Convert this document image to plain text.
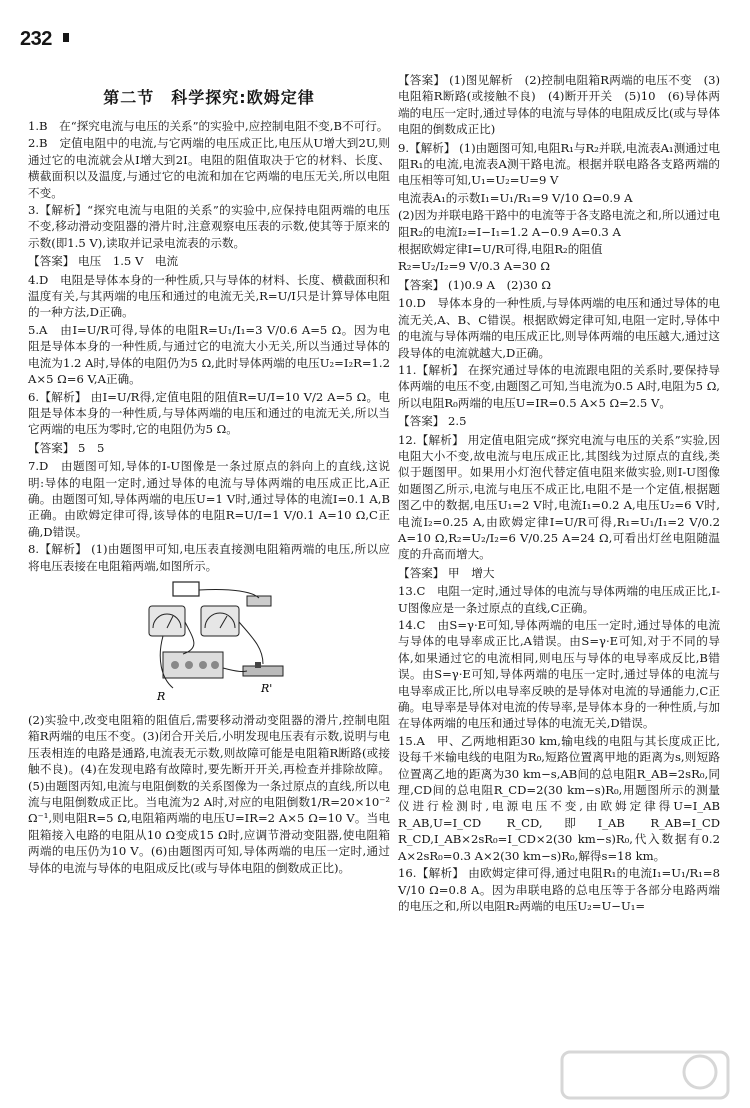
232
第二节　科学探究:欧姆定律

1.B　在“探究电流与电压的关系”的实验中,应控制电阻不变,B不可行。

2.B　定值电阻中的电流,与它两端的电压成正比,电压从U增大到2U,则通过它的电流就会从I增大到2I。电阻的阻值取决于它的材料、长度、横截面积以及温度,与通过它的电流和加在它两端的电压无关,所以电阻不变。

3.【解析】“探究电流与电阻的关系”的实验中,应保持电阻两端的电压不变,移动滑动变阻器的滑片时,注意观察电压表的示数,使其等于原来的示数(即1.5 V),读取并记录电流表的示数。

【答案】 电压　1.5 V　电流

4.D　电阻是导体本身的一种性质,只与导体的材料、长度、横截面积和温度有关,与其两端的电压和通过的电流无关,R=U/I只是计算导体电阻的一种方法,D正确。

5.A　由I=U/R可得,导体的电阻R=U₁/I₁=3 V/0.6 A=5 Ω。因为电阻是导体本身的一种性质,与通过它的电流大小无关,所以当通过导体的电流为1.2 A时,导体的电阻仍为5 Ω,此时导体两端的电压U₂=I₂R=1.2 A×5 Ω=6 V,A正确。

6.【解析】 由I=U/R得,定值电阻的阻值R=U/I=10 V/2 A=5 Ω。电阻是导体本身的一种性质,与导体两端的电压和通过的电流无关,所以当它两端的电压为零时,它的电阻仍为5 Ω。

【答案】 5　5

7.D　由题图可知,导体的I-U图像是一条过原点的斜向上的直线,这说明:导体的电阻一定时,通过导体的电流与导体两端的电压成正比,A正确。由题图可知,导体两端的电压U=1 V时,通过导体的电流I=0.1 A,B正确。由欧姆定律可得,该导体的电阻R=U/I=1 V/0.1 A=10 Ω,C正确,D错误。

8.【解析】 (1)由题图甲可知,电压表直接测电阻箱两端的电压,所以应将电压表接在电阻箱两端,如图所示。

R
R'

(2)实验中,改变电阻箱的阻值后,需要移动滑动变阻器的滑片,控制电阻箱R两端的电压不变。(3)闭合开关后,小明发现电压表有示数,说明与电压表相连的电路是通路,电流表无示数,则故障可能是电阻箱R断路(或接触不良)。(4)在发现电路有故障时,要先断开开关,再检查并排除故障。(5)由题图丙知,电流与电阻倒数的关系图像为一条过原点的直线,所以电流与电阻倒数成正比。当电流为2 A时,对应的电阻倒数1/R=20×10⁻² Ω⁻¹,则电阻R=5 Ω,电阻箱两端的电压U=IR=2 A×5 Ω=10 V。当电阻箱接入电路的电阻从10 Ω变成15 Ω时,应调节滑动变阻器,使电阻箱两端的电压仍为10 V。(6)由题图丙可知,导体两端的电压一定时,通过导体的电流与导体的电阻成反比(或与导体电阻的倒数成正比)。

【答案】 (1)图见解析　(2)控制电阻箱R两端的电压不变　(3)电阻箱R断路(或接触不良)　(4)断开开关　(5)10　(6)导体两端的电压一定时,通过导体的电流与导体的电阻成反比(或与导体电阻的倒数成正比)

9.【解析】 (1)由题图可知,电阻R₁与R₂并联,电流表A₁测通过电阻R₁的电流,电流表A测干路电流。根据并联电路各支路两端的电压相等可知,U₁=U₂=U=9 V

电流表A₁的示数I₁=U₁/R₁=9 V/10 Ω=0.9 A

(2)因为并联电路干路中的电流等于各支路电流之和,所以通过电阻R₂的电流I₂=I−I₁=1.2 A−0.9 A=0.3 A

根据欧姆定律I=U/R可得,电阻R₂的阻值

R₂=U₂/I₂=9 V/0.3 A=30 Ω

【答案】 (1)0.9 A　(2)30 Ω

10.D　导体本身的一种性质,与导体两端的电压和通过导体的电流无关,A、B、C错误。根据欧姆定律可知,电阻一定时,导体中的电流与导体两端的电压成正比,则导体两端的电压越大,通过这段导体的电流就越大,D正确。

11.【解析】 在探究通过导体的电流跟电阻的关系时,要保持导体两端的电压不变,由题图乙可知,当电流为0.5 A时,电阻为5 Ω,所以电阻R₀两端的电压U=IR=0.5 A×5 Ω=2.5 V。

【答案】 2.5

12.【解析】 用定值电阻完成“探究电流与电压的关系”实验,因电阻大小不变,故电流与电压成正比,其图线为过原点的直线,类似于题图甲。如果用小灯泡代替定值电阻来做实验,则I-U图像如题图乙所示,电流与电压不成正比,电阻不是一个定值,根据题图乙中的数据,电压U₁=2 V时,电流I₁=0.2 A,电压U₂=6 V时,电流I₂=0.25 A,由欧姆定律I=U/R可得,R₁=U₁/I₁=2 V/0.2 A=10 Ω,R₂=U₂/I₂=6 V/0.25 A=24 Ω,可看出灯丝电阻随温度的升高而增大。

【答案】 甲　增大

13.C　电阻一定时,通过导体的电流与导体两端的电压成正比,I-U图像应是一条过原点的直线,C正确。

14.C　由S=γ·E可知,导体两端的电压一定时,通过导体的电流与导体的电导率成正比,A错误。由S=γ·E可知,对于不同的导体,如果通过它的电流相同,则电压与导体的电导率成反比,B错误。由S=γ·E可知,导体两端的电压一定时,通过导体的电流与电导率成正比,所以电导率反映的是导体对电流的导通能力,C正确。电导率是导体对电流的传导率,是导体本身的一种性质,与加在导体两端的电压和通过导体的电流无关,D错误。

15.A　甲、乙两地相距30 km,输电线的电阻与其长度成正比,设每千米输电线的电阻为R₀,短路位置离甲地的距离为s,则短路位置离乙地的距离为30 km−s,AB间的总电阻R_AB=2sR₀,同理,CD间的总电阻R_CD=2(30 km−s)R₀,用题图所示的测量仪进行检测时,电源电压不变,由欧姆定律得U=I_AB R_AB,U=I_CD R_CD,即I_AB R_AB=I_CD R_CD,I_AB×2sR₀=I_CD×2(30 km−s)R₀,代入数据有0.2 A×2sR₀=0.3 A×2(30 km−s)R₀,解得s=18 km。

16.【解析】 由欧姆定律可得,通过电阻R₁的电流I₁=U₁/R₁=8 V/10 Ω=0.8 A。因为串联电路的总电压等于各部分电路两端的电压之和,所以电阻R₂两端的电压U₂=U−U₁=
